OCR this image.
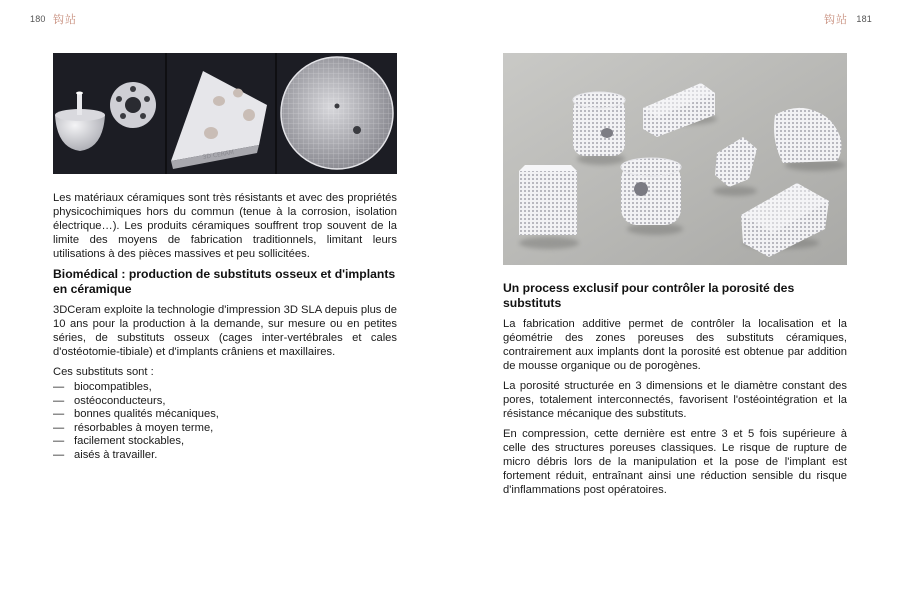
180 钩站
3D CERAM

Les matériaux céramiques sont très résistants et avec des propriétés physicochimiques hors du commun (tenue à la corrosion, isolation électrique…). Les produits céramiques souffrent trop souvent de la limite des moyens de fabrication traditionnels, limitant leurs utilisations à des pièces massives et peu sollicitées.

Biomédical : production de substituts osseux et d'implants en céramique

3DCeram exploite la technologie d'impression 3D SLA depuis plus de 10 ans pour la production à la demande, sur mesure ou en petites séries, de substituts osseux (cages inter-vertébrales et cales d'ostéotomie-tibiale) et d'implants crâniens et maxillaires.

Ces substituts sont :

— biocompatibles,
— ostéoconducteurs,
— bonnes qualités mécaniques,
— résorbables à moyen terme,
— facilement stockables,
— aisés à travailler.
钩站 181
Un process exclusif pour contrôler la porosité des substituts

La fabrication additive permet de contrôler la localisation et la géométrie des zones poreuses des substituts céramiques, contrairement aux implants dont la porosité est obtenue par addition de mousse organique ou de porogènes.

La porosité structurée en 3 dimensions et le diamètre constant des pores, totalement interconnectés, favorisent l'ostéointégration et la résistance mécanique des substituts.

En compression, cette dernière est entre 3 et 5 fois supérieure à celle des structures poreuses classiques. Le risque de rupture de micro débris lors de la manipulation et la pose de l'implant est fortement réduit, entraînant ainsi une réduction sensible du risque d'inflammations post opératoires.
